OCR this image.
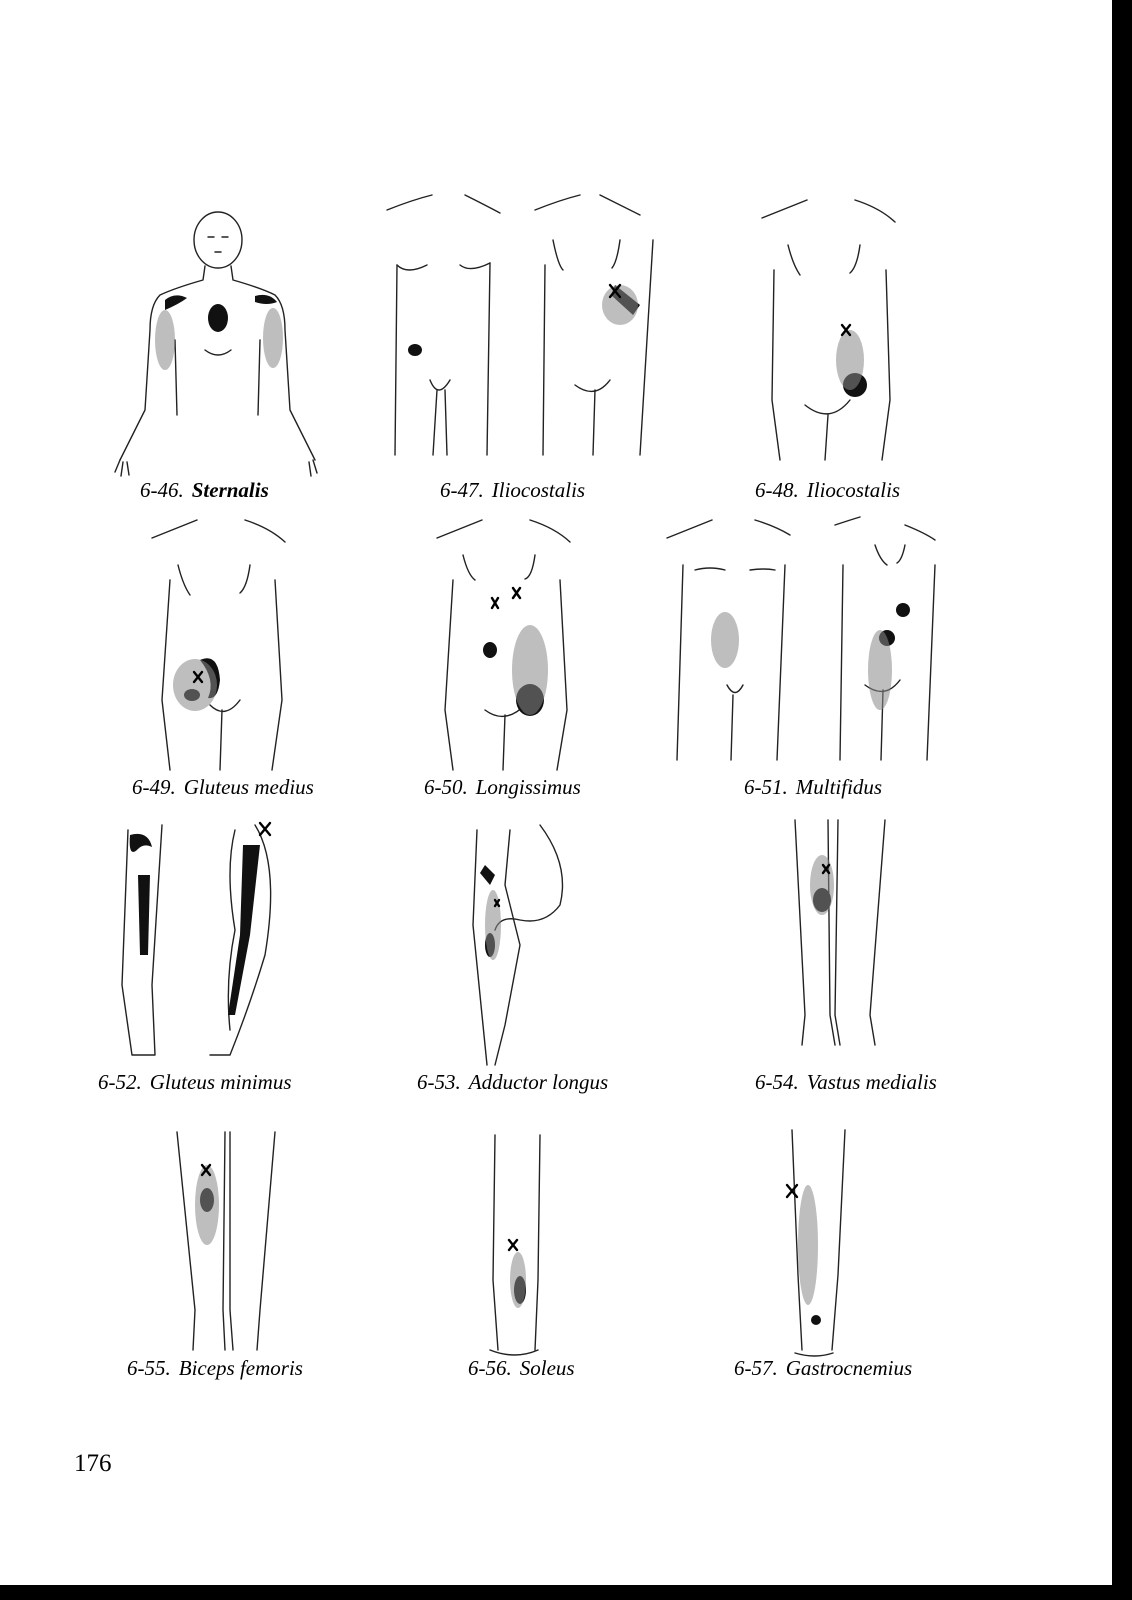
6-46. Sternalis	6-47. Iliocostalis	6-48. Iliocostalis
6-49. Gluteus medius	6-50. Longissimus	6-51. Multifidus
6-52. Gluteus minimus	6-53. Adductor longus	6-54. Vastus medialis
6-55. Biceps femoris	6-56. Soleus	6-57. Gastrocnemius
176
